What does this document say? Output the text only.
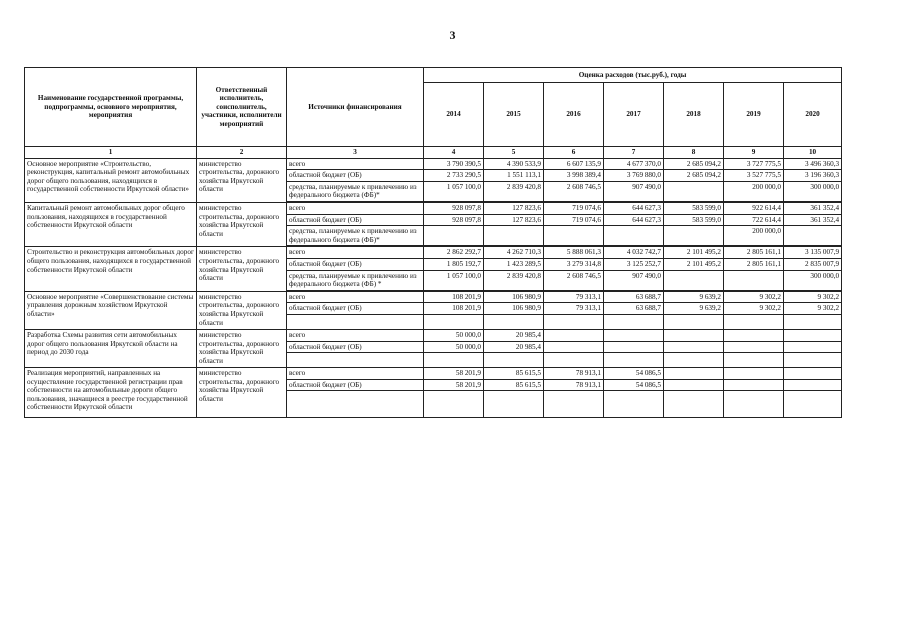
3
Наименование государственной программы, подпрограммы, основного мероприятия, мероприятия	Ответственный исполнитель, соисполнитель, участники, исполнители мероприятий	Источники финансирования	Оценка расходов (тыс.руб.), годы						
			2014	2015	2016	2017	2018	2019	2020
1	2	3	4	5	6	7	8	9	10
Основное мероприятие «Строительство, реконструкция, капитальный ремонт автомобильных дорог общего пользования, находящихся в государственной собственности Иркутской области»	министерство строительства, дорожного хозяйства Иркутской области	всего	3 790 390,5	4 390 533,9	6 607 135,9	4 677 370,0	2 685 094,2	3 727 775,5	3 496 360,3
		областной бюджет (ОБ)	2 733 290,5	1 551 113,1	3 998 389,4	3 769 880,0	2 685 094,2	3 527 775,5	3 196 360,3
		средства, планируемые к привлечению из федерального бюджета (ФБ)*	1 057 100,0	2 839 420,8	2 608 746,5	907 490,0		200 000,0	300 000,0

Капитальный ремонт автомобильных дорог общего пользования, находящихся в государственной собственности Иркутской области	министерство строительства, дорожного хозяйства Иркутской области	всего	928 097,8	127 823,6	719 074,6	644 627,3	583 599,0	922 614,4	361 352,4
		областной бюджет (ОБ)	928 097,8	127 823,6	719 074,6	644 627,3	583 599,0	722 614,4	361 352,4
		средства, планируемые к привлечению из федерального бюджета (ФБ)*						200 000,0	

Строительство и реконструкция автомобильных дорог общего пользования, находящихся в государственной собственности Иркутской области	министерство строительства, дорожного хозяйства Иркутской области	всего	2 862 292,7	4 262 710,3	5 888 061,3	4 032 742,7	2 101 495,2	2 805 161,1	3 135 007,9
		областной бюджет (ОБ)	1 805 192,7	1 423 289,5	3 279 314,8	3 125 252,7	2 101 495,2	2 805 161,1	2 835 007,9
		средства, планируемые к привлечению из федерального бюджета (ФБ) *	1 057 100,0	2 839 420,8	2 608 746,5	907 490,0			300 000,0

Основное мероприятие «Совершенствование системы управления дорожным хозяйством Иркутской области»	министерство строительства, дорожного хозяйства Иркутской области	всего	108 201,9	106 980,9	79 313,1	63 688,7	9 639,2	9 302,2	9 302,2
		областной бюджет (ОБ)	108 201,9	106 980,9	79 313,1	63 688,7	9 639,2	9 302,2	9 302,2

Разработка Схемы развития сети автомобильных дорог общего пользования Иркутской области на период до 2030 года	министерство строительства, дорожного хозяйства Иркутской области	всего	50 000,0	20 985,4					
		областной бюджет (ОБ)	50 000,0	20 985,4					

Реализация мероприятий, направленных на осуществление государственной регистрации прав собственности на автомобильные дороги общего пользования, значащиеся в реестре государственной собственности Иркутской области	министерство строительства, дорожного хозяйства Иркутской области	всего	58 201,9	85 615,5	78 913,1	54 086,5			
		областной бюджет (ОБ)	58 201,9	85 615,5	78 913,1	54 086,5			
